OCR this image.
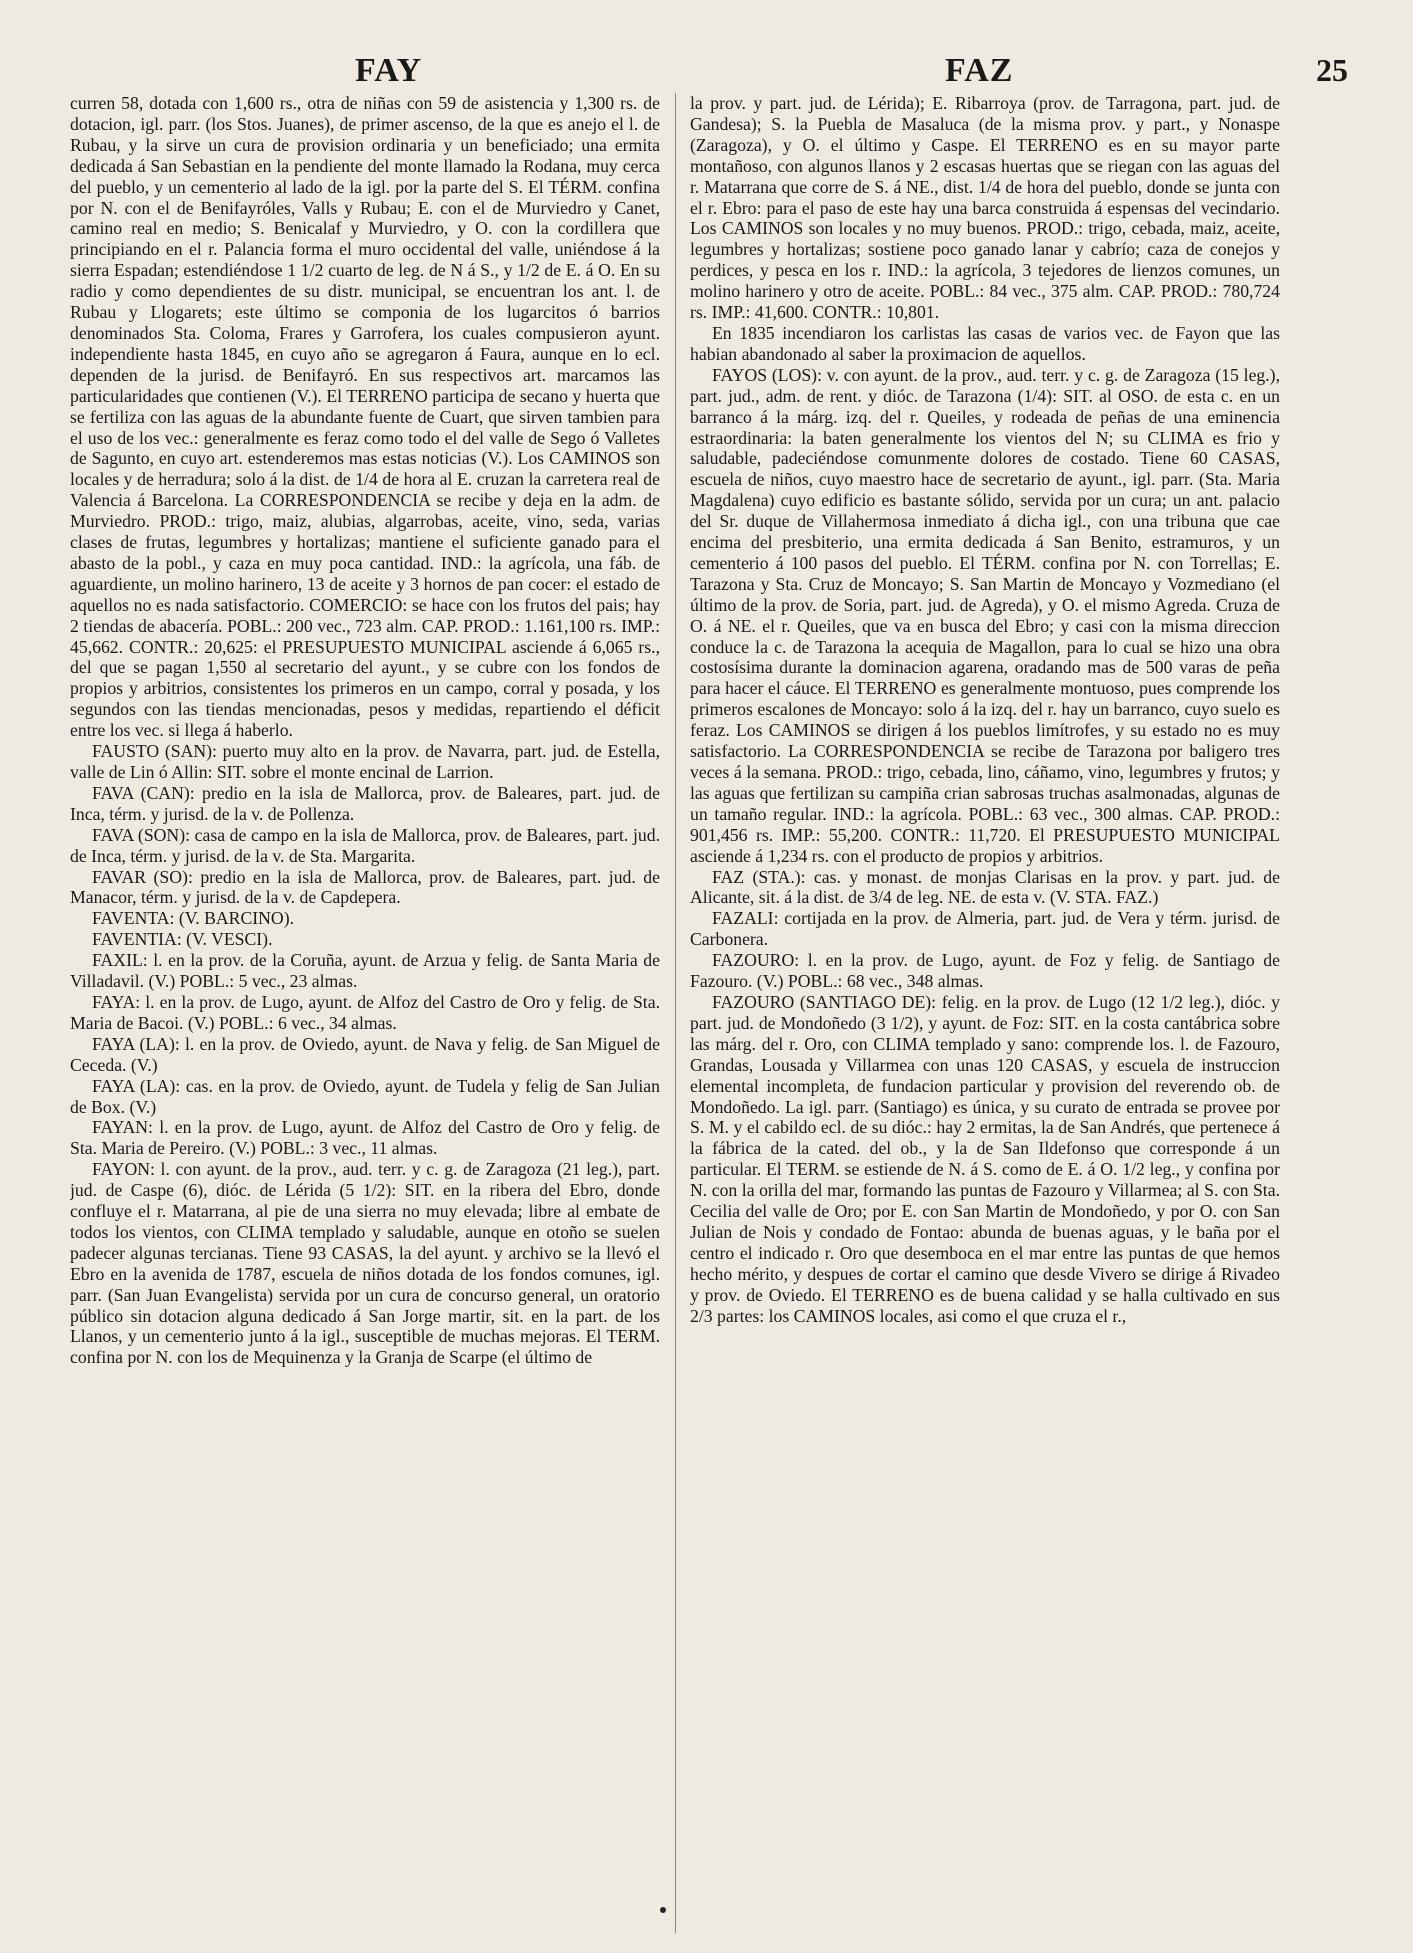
FAY	FAZ	25

curren 58, dotada con 1,600 rs., otra de niñas con 59 de asistencia y 1,300 rs. de dotacion, igl. parr. (los Stos. Juanes), de primer ascenso, de la que es anejo el l. de Rubau, y la sirve un cura de provision ordinaria y un beneficiado; una ermita dedicada á San Sebastian en la pendiente del monte llamado la Rodana, muy cerca del pueblo, y un cementerio al lado de la igl. por la parte del S. El TÉRM. confina por N. con el de Benifayróles, Valls y Rubau; E. con el de Murviedro y Canet, camino real en medio; S. Benicalaf y Murviedro, y O. con la cordillera que principiando en el r. Palancia forma el muro occidental del valle, uniéndose á la sierra Espadan; estendiéndose 1 1/2 cuarto de leg. de N á S., y 1/2 de E. á O. En su radio y como dependientes de su distr. municipal, se encuentran los ant. l. de Rubau y Llogarets; este último se componia de los lugarcitos ó barrios denominados Sta. Coloma, Frares y Garrofera, los cuales compusieron ayunt. independiente hasta 1845, en cuyo año se agregaron á Faura, aunque en lo ecl. dependen de la jurisd. de Benifayró. En sus respectivos art. marcamos las particularidades que contienen (V.). El TERRENO participa de secano y huerta que se fertiliza con las aguas de la abundante fuente de Cuart, que sirven tambien para el uso de los vec.: generalmente es feraz como todo el del valle de Sego ó Valletes de Sagunto, en cuyo art. estenderemos mas estas noticias (V.). Los CAMINOS son locales y de herradura; solo á la dist. de 1/4 de hora al E. cruzan la carretera real de Valencia á Barcelona. La CORRESPONDENCIA se recibe y deja en la adm. de Murviedro. PROD.: trigo, maiz, alubias, algarrobas, aceite, vino, seda, varias clases de frutas, legumbres y hortalizas; mantiene el suficiente ganado para el abasto de la pobl., y caza en muy poca cantidad. IND.: la agrícola, una fáb. de aguardiente, un molino harinero, 13 de aceite y 3 hornos de pan cocer: el estado de aquellos no es nada satisfactorio. COMERCIO: se hace con los frutos del pais; hay 2 tiendas de abacería. POBL.: 200 vec., 723 alm. CAP. PROD.: 1.161,100 rs. IMP.: 45,662. CONTR.: 20,625: el PRESUPUESTO MUNICIPAL asciende á 6,065 rs., del que se pagan 1,550 al secretario del ayunt., y se cubre con los fondos de propios y arbitrios, consistentes los primeros en un campo, corral y posada, y los segundos con las tiendas mencionadas, pesos y medidas, repartiendo el déficit entre los vec. si llega á haberlo.

FAUSTO (SAN): puerto muy alto en la prov. de Navarra, part. jud. de Estella, valle de Lin ó Allin: SIT. sobre el monte encinal de Larrion.

FAVA (CAN): predio en la isla de Mallorca, prov. de Baleares, part. jud. de Inca, térm. y jurisd. de la v. de Pollenza.

FAVA (SON): casa de campo en la isla de Mallorca, prov. de Baleares, part. jud. de Inca, térm. y jurisd. de la v. de Sta. Margarita.

FAVAR (SO): predio en la isla de Mallorca, prov. de Baleares, part. jud. de Manacor, térm. y jurisd. de la v. de Capdepera.

FAVENTA: (V. BARCINO).

FAVENTIA: (V. VESCI).

FAXIL: l. en la prov. de la Coruña, ayunt. de Arzua y felig. de Santa Maria de Villadavil. (V.) POBL.: 5 vec., 23 almas.

FAYA: l. en la prov. de Lugo, ayunt. de Alfoz del Castro de Oro y felig. de Sta. Maria de Bacoi. (V.) POBL.: 6 vec., 34 almas.

FAYA (LA): l. en la prov. de Oviedo, ayunt. de Nava y felig. de San Miguel de Ceceda. (V.)

FAYA (LA): cas. en la prov. de Oviedo, ayunt. de Tudela y felig de San Julian de Box. (V.)

FAYAN: l. en la prov. de Lugo, ayunt. de Alfoz del Castro de Oro y felig. de Sta. Maria de Pereiro. (V.) POBL.: 3 vec., 11 almas.

FAYON: l. con ayunt. de la prov., aud. terr. y c. g. de Zaragoza (21 leg.), part. jud. de Caspe (6), dióc. de Lérida (5 1/2): SIT. en la ribera del Ebro, donde confluye el r. Matarrana, al pie de una sierra no muy elevada; libre al embate de todos los vientos, con CLIMA templado y saludable, aunque en otoño se suelen padecer algunas tercianas. Tiene 93 CASAS, la del ayunt. y archivo se la llevó el Ebro en la avenida de 1787, escuela de niños dotada de los fondos comunes, igl. parr. (San Juan Evangelista) servida por un cura de concurso general, un oratorio público sin dotacion alguna dedicado á San Jorge martir, sit. en la part. de los Llanos, y un cementerio junto á la igl., susceptible de muchas mejoras. El TERM. confina por N. con los de Mequinenza y la Granja de Scarpe (el último de

la prov. y part. jud. de Lérida); E. Ribarroya (prov. de Tarragona, part. jud. de Gandesa); S. la Puebla de Masaluca (de la misma prov. y part., y Nonaspe (Zaragoza), y O. el último y Caspe. El TERRENO es en su mayor parte montañoso, con algunos llanos y 2 escasas huertas que se riegan con las aguas del r. Matarrana que corre de S. á NE., dist. 1/4 de hora del pueblo, donde se junta con el r. Ebro: para el paso de este hay una barca construida á espensas del vecindario. Los CAMINOS son locales y no muy buenos. PROD.: trigo, cebada, maiz, aceite, legumbres y hortalizas; sostiene poco ganado lanar y cabrío; caza de conejos y perdices, y pesca en los r. IND.: la agrícola, 3 tejedores de lienzos comunes, un molino harinero y otro de aceite. POBL.: 84 vec., 375 alm. CAP. PROD.: 780,724 rs. IMP.: 41,600. CONTR.: 10,801.

En 1835 incendiaron los carlistas las casas de varios vec. de Fayon que las habian abandonado al saber la proximacion de aquellos.

FAYOS (LOS): v. con ayunt. de la prov., aud. terr. y c. g. de Zaragoza (15 leg.), part. jud., adm. de rent. y dióc. de Tarazona (1/4): SIT. al OSO. de esta c. en un barranco á la márg. izq. del r. Queiles, y rodeada de peñas de una eminencia estraordinaria: la baten generalmente los vientos del N; su CLIMA es frio y saludable, padeciéndose comunmente dolores de costado. Tiene 60 CASAS, escuela de niños, cuyo maestro hace de secretario de ayunt., igl. parr. (Sta. Maria Magdalena) cuyo edificio es bastante sólido, servida por un cura; un ant. palacio del Sr. duque de Villahermosa inmediato á dicha igl., con una tribuna que cae encima del presbiterio, una ermita dedicada á San Benito, estramuros, y un cementerio á 100 pasos del pueblo. El TÉRM. confina por N. con Torrellas; E. Tarazona y Sta. Cruz de Moncayo; S. San Martin de Moncayo y Vozmediano (el último de la prov. de Soria, part. jud. de Agreda), y O. el mismo Agreda. Cruza de O. á NE. el r. Queiles, que va en busca del Ebro; y casi con la misma direccion conduce la c. de Tarazona la acequia de Magallon, para lo cual se hizo una obra costosísima durante la dominacion agarena, oradando mas de 500 varas de peña para hacer el cáuce. El TERRENO es generalmente montuoso, pues comprende los primeros escalones de Moncayo: solo á la izq. del r. hay un barranco, cuyo suelo es feraz. Los CAMINOS se dirigen á los pueblos limítrofes, y su estado no es muy satisfactorio. La CORRESPONDENCIA se recibe de Tarazona por baligero tres veces á la semana. PROD.: trigo, cebada, lino, cáñamo, vino, legumbres y frutos; y las aguas que fertilizan su campiña crian sabrosas truchas asalmonadas, algunas de un tamaño regular. IND.: la agrícola. POBL.: 63 vec., 300 almas. CAP. PROD.: 901,456 rs. IMP.: 55,200. CONTR.: 11,720. El PRESUPUESTO MUNICIPAL asciende á 1,234 rs. con el producto de propios y arbitrios.

FAZ (STA.): cas. y monast. de monjas Clarisas en la prov. y part. jud. de Alicante, sit. á la dist. de 3/4 de leg. NE. de esta v. (V. STA. FAZ.)

FAZALI: cortijada en la prov. de Almeria, part. jud. de Vera y térm. jurisd. de Carbonera.

FAZOURO: l. en la prov. de Lugo, ayunt. de Foz y felig. de Santiago de Fazouro. (V.) POBL.: 68 vec., 348 almas.

FAZOURO (SANTIAGO DE): felig. en la prov. de Lugo (12 1/2 leg.), dióc. y part. jud. de Mondoñedo (3 1/2), y ayunt. de Foz: SIT. en la costa cantábrica sobre las márg. del r. Oro, con CLIMA templado y sano: comprende los. l. de Fazouro, Grandas, Lousada y Villarmea con unas 120 CASAS, y escuela de instruccion elemental incompleta, de fundacion particular y provision del reverendo ob. de Mondoñedo. La igl. parr. (Santiago) es única, y su curato de entrada se provee por S. M. y el cabildo ecl. de su dióc.: hay 2 ermitas, la de San Andrés, que pertenece á la fábrica de la cated. del ob., y la de San Ildefonso que corresponde á un particular. El TERM. se estiende de N. á S. como de E. á O. 1/2 leg., y confina por N. con la orilla del mar, formando las puntas de Fazouro y Villarmea; al S. con Sta. Cecilia del valle de Oro; por E. con San Martin de Mondoñedo, y por O. con San Julian de Nois y condado de Fontao: abunda de buenas aguas, y le baña por el centro el indicado r. Oro que desemboca en el mar entre las puntas de que hemos hecho mérito, y despues de cortar el camino que desde Vivero se dirige á Rivadeo y prov. de Oviedo. El TERRENO es de buena calidad y se halla cultivado en sus 2/3 partes: los CAMINOS locales, asi como el que cruza el r.,
